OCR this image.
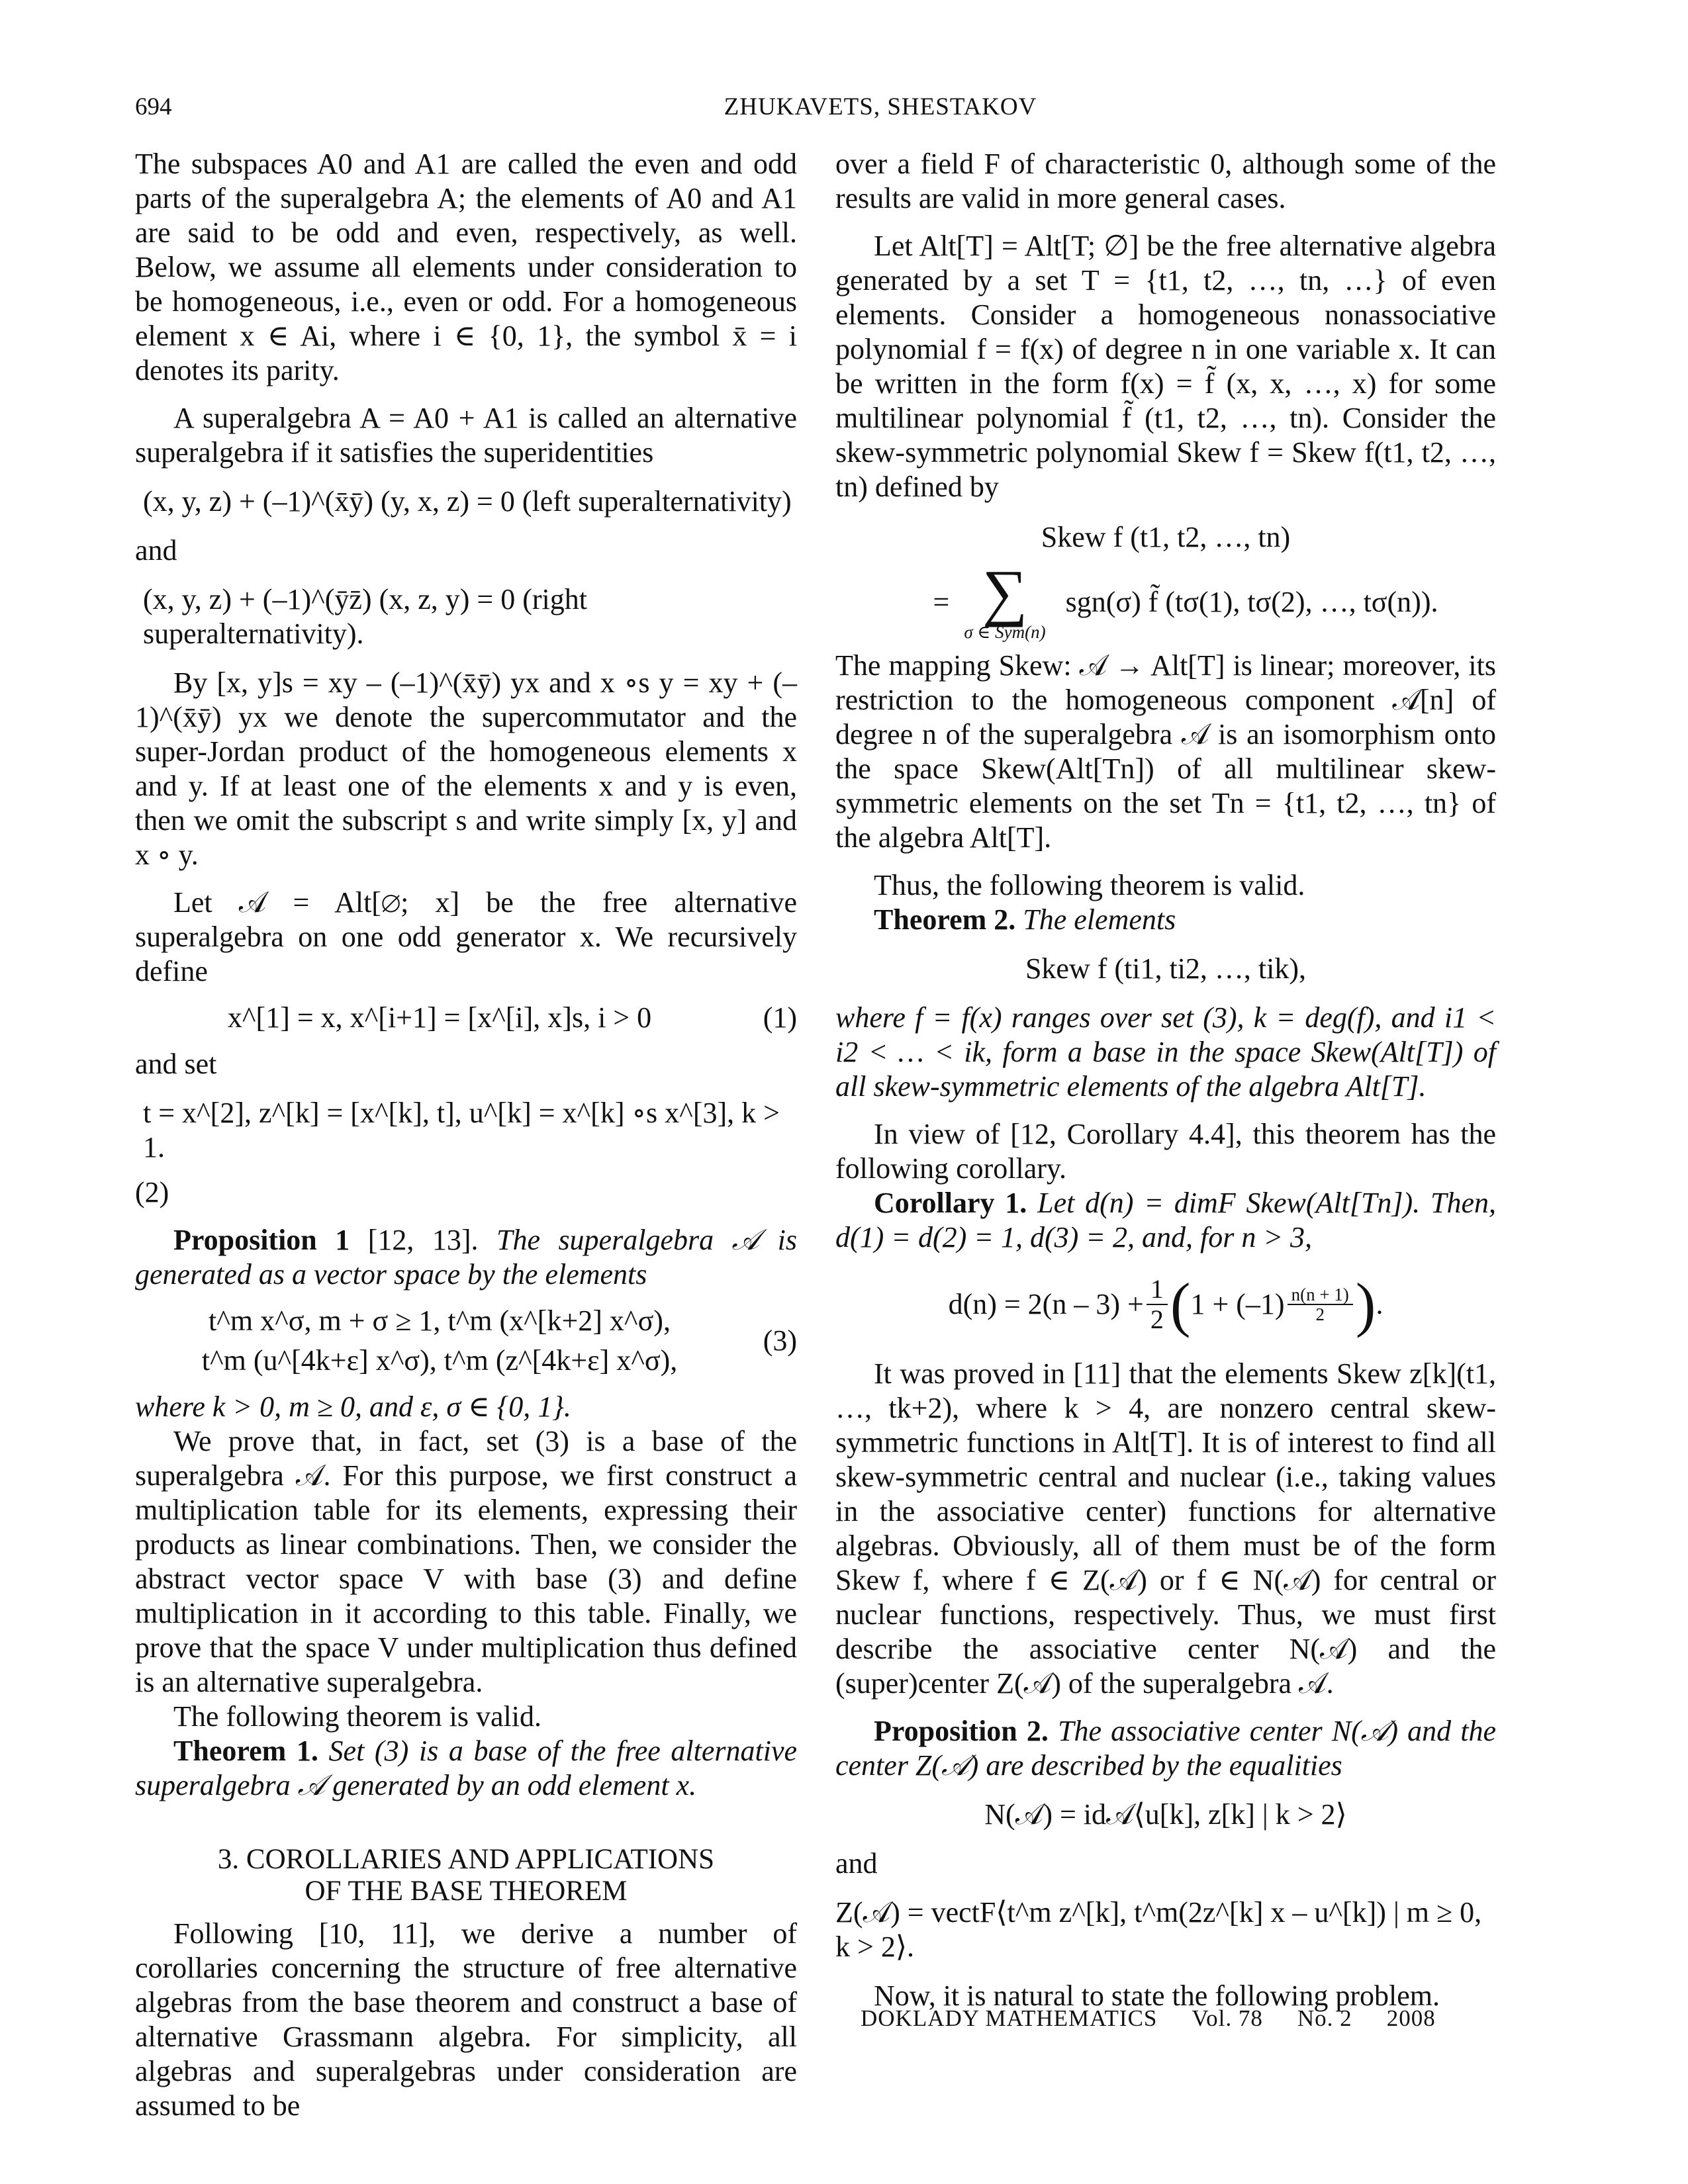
694	ZHUKAVETS, SHESTAKOV

The subspaces A0 and A1 are called the even and odd parts of the superalgebra A; the elements of A0 and A1 are said to be odd and even, respectively, as well. Below, we assume all elements under consideration to be homogeneous, i.e., even or odd. For a homogeneous element x ∈ Ai, where i ∈ {0, 1}, the symbol x̄ = i denotes its parity.

A superalgebra A = A0 + A1 is called an alternative superalgebra if it satisfies the superidentities

(x, y, z) + (–1)^(x̄ȳ) (y, x, z) = 0 (left superalternativity)

and

(x, y, z) + (–1)^(ȳz̄) (x, z, y) = 0 (right superalternativity).

By [x, y]s = xy – (–1)^(x̄ȳ) yx and x ∘s y = xy + (–1)^(x̄ȳ) yx we denote the supercommutator and the super-Jordan product of the homogeneous elements x and y. If at least one of the elements x and y is even, then we omit the subscript s and write simply [x, y] and x ∘ y.

Let 𝒜 = Alt[∅; x] be the free alternative superalgebra on one odd generator x. We recursively define

x^[1] = x, x^[i+1] = [x^[i], x]s, i > 0	(1)

and set

t = x^[2], z^[k] = [x^[k], t], u^[k] = x^[k] ∘s x^[3], k > 1.

(2)

Proposition 1 [12, 13]. The superalgebra 𝒜 is generated as a vector space by the elements

t^m x^σ, m + σ ≥ 1, t^m (x^[k+2] x^σ),
t^m (u^[4k+ε] x^σ), t^m (z^[4k+ε] x^σ),
(3)

where k > 0, m ≥ 0, and ε, σ ∈ {0, 1}.

We prove that, in fact, set (3) is a base of the superalgebra 𝒜. For this purpose, we first construct a multiplication table for its elements, expressing their products as linear combinations. Then, we consider the abstract vector space V with base (3) and define multiplication in it according to this table. Finally, we prove that the space V under multiplication thus defined is an alternative superalgebra.

The following theorem is valid.

Theorem 1. Set (3) is a base of the free alternative superalgebra 𝒜 generated by an odd element x.

3. COROLLARIES AND APPLICATIONS
OF THE BASE THEOREM

Following [10, 11], we derive a number of corollaries concerning the structure of free alternative algebras from the base theorem and construct a base of alternative Grassmann algebra. For simplicity, all algebras and superalgebras under consideration are assumed to be

over a field F of characteristic 0, although some of the results are valid in more general cases.

Let Alt[T] = Alt[T; ∅] be the free alternative algebra generated by a set T = {t1, t2, …, tn, …} of even elements. Consider a homogeneous nonassociative polynomial f = f(x) of degree n in one variable x. It can be written in the form f(x) = f̃ (x, x, …, x) for some multilinear polynomial f̃ (t1, t2, …, tn). Consider the skew-symmetric polynomial Skew f = Skew f(t1, t2, …, tn) defined by

Skew f (t1, t2, …, tn)
= ∑
σ ∈ Sym(n)
sgn(σ) f̃ (tσ(1), tσ(2), …, tσ(n)).

The mapping Skew: 𝒜 → Alt[T] is linear; moreover, its restriction to the homogeneous component 𝒜[n] of degree n of the superalgebra 𝒜 is an isomorphism onto the space Skew(Alt[Tn]) of all multilinear skew-symmetric elements on the set Tn = {t1, t2, …, tn} of the algebra Alt[T].

Thus, the following theorem is valid.

Theorem 2. The elements

Skew f (ti1, ti2, …, tik),

where f = f(x) ranges over set (3), k = deg(f), and i1 < i2 < … < ik, form a base in the space Skew(Alt[T]) of all skew-symmetric elements of the algebra Alt[T].

In view of [12, Corollary 4.4], this theorem has the following corollary.

Corollary 1. Let d(n) = dimF Skew(Alt[Tn]). Then, d(1) = d(2) = 1, d(3) = 2, and, for n > 3,

$d(n) = 2(n - 3) + \frac{1}{2}$ ( $1 + (-1) \frac{n(n + 1)}{2}$ ) .

It was proved in [11] that the elements Skew z[k](t1, …, tk+2), where k > 4, are nonzero central skew-symmetric functions in Alt[T]. It is of interest to find all skew-symmetric central and nuclear (i.e., taking values in the associative center) functions for alternative algebras. Obviously, all of them must be of the form Skew f, where f ∈ Z(𝒜) or f ∈ N(𝒜) for central or nuclear functions, respectively. Thus, we must first describe the associative center N(𝒜) and the (super)center Z(𝒜) of the superalgebra 𝒜.

Proposition 2. The associative center N(𝒜) and the center Z(𝒜) are described by the equalities

N(𝒜) = id𝒜⟨u[k], z[k] | k > 2⟩

and

Z(𝒜) = vectF⟨t^m z^[k], t^m(2z^[k] x – u^[k]) | m ≥ 0, k > 2⟩.

Now, it is natural to state the following problem.

DOKLADY MATHEMATICS Vol. 78 No. 2 2008
